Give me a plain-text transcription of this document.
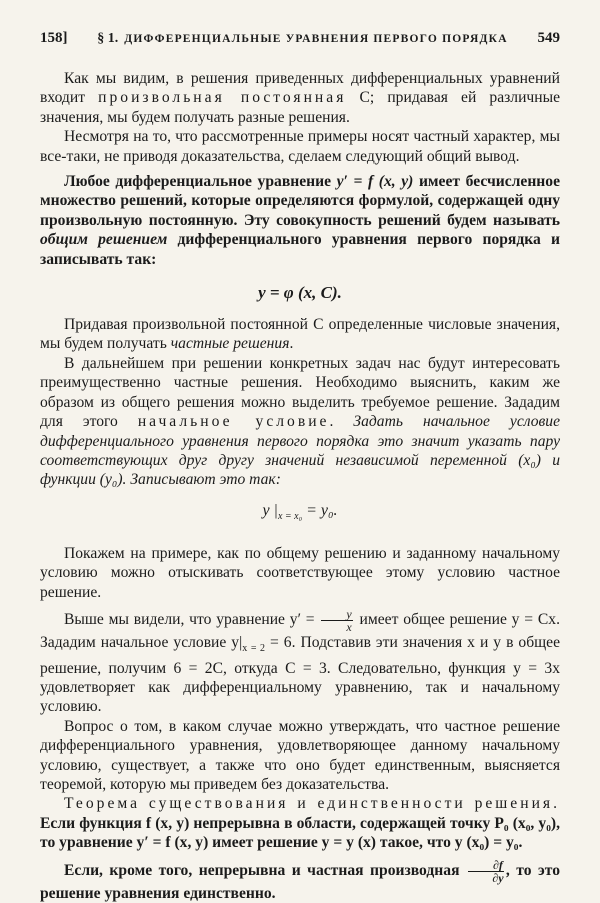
158] § 1. ДИФФЕРЕНЦИАЛЬНЫЕ УРАВНЕНИЯ ПЕРВОГО ПОРЯДКА 549

Как мы видим, в решения приведенных дифференциальных уравнений входит произвольная постоянная C; придавая ей различные значения, мы будем получать разные решения.

Несмотря на то, что рассмотренные примеры носят частный характер, мы все-таки, не приводя доказательства, сделаем следующий общий вывод.

Любое дифференциальное уравнение y′ = f (x, y) имеет бесчисленное множество решений, которые определяются формулой, содержащей одну произвольную постоянную. Эту совокупность решений будем называть общим решением дифференциального уравнения первого порядка и записывать так:

y = φ (x, C).

Придавая произвольной постоянной C определенные числовые значения, мы будем получать частные решения.

В дальнейшем при решении конкретных задач нас будут интересовать преимущественно частные решения. Необходимо выяснить, каким же образом из общего решения можно выделить требуемое решение. Зададим для этого начальное условие. Задать начальное условие дифференциального уравнения первого порядка это значит указать пару соответствующих друг другу значений независимой переменной (x₀) и функции (y₀). Записывают это так:

y $|_{x = x_0} = y_0$.

Покажем на примере, как по общему решению и заданному начальному условию можно отыскивать соответствующее этому условию частное решение.

Выше мы видели, что уравнение $y' = \frac{y}{x}$ имеет общее решение y = Cx. Зададим начальное условие $y|_{x = 2} = 6$. Подставив эти значения x и y в общее решение, получим 6 = 2C, откуда C = 3. Следовательно, функция y = 3x удовлетворяет как дифференциальному уравнению, так и начальному условию.

Вопрос о том, в каком случае можно утверждать, что частное решение дифференциального уравнения, удовлетворяющее данному начальному условию, существует, а также что оно будет единственным, выясняется теоремой, которую мы приведем без доказательства.

Теорема существования и единственности решения. Если функция f (x, y) непрерывна в области, содержащей точку P₀ (x₀, y₀), то уравнение y′ = f (x, y) имеет решение y = y (x) такое, что y (x₀) = y₀.

Если, кроме того, непрерывна и частная производная $\frac{\partial f}{\partial y}$ , то это решение уравнения единственно.
